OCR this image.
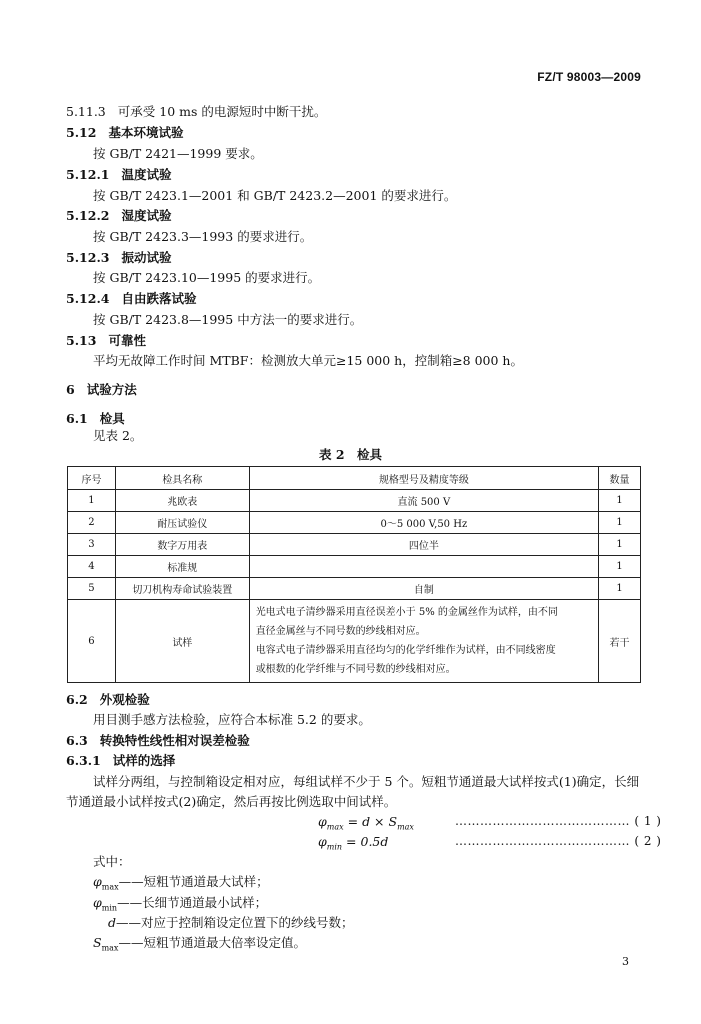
FZ/T 98003—2009
5.11.3 可承受 10 ms 的电源短时中断干扰。
5.12 基本环境试验
按 GB/T 2421—1999 要求。
5.12.1 温度试验
按 GB/T 2423.1—2001 和 GB/T 2423.2—2001 的要求进行。
5.12.2 湿度试验
按 GB/T 2423.3—1993 的要求进行。
5.12.3 振动试验
按 GB/T 2423.10—1995 的要求进行。
5.12.4 自由跌落试验
按 GB/T 2423.8—1995 中方法一的要求进行。
5.13 可靠性
平均无故障工作时间 MTBF：检测放大单元≥15 000 h，控制箱≥8 000 h。
6 试验方法
6.1 检具
见表 2。
表 2　检具
序号	检具名称	规格型号及精度等级	数量
1	兆欧表	直流 500 V	1
2	耐压试验仪	0～5 000 V,50 Hz	1
3	数字万用表	四位半	1
4	标准规		1
5	切刀机构寿命试验装置	自制	1
6	试样	光电式电子清纱器采用直径误差小于 5% 的金属丝作为试样，由不同
直径金属丝与不同号数的纱线相对应。
电容式电子清纱器采用直径均匀的化学纤维作为试样，由不同线密度
或根数的化学纤维与不同号数的纱线相对应。	若干
6.2 外观检验
用目测手感方法检验，应符合本标准 5.2 的要求。
6.3 转换特性线性相对误差检验
6.3.1 试样的选择
试样分两组，与控制箱设定相对应，每组试样不少于 5 个。短粗节通道最大试样按式(1)确定，长细
节通道最小试样按式(2)确定，然后再按比例选取中间试样。
$\varphi_{max} = d \times S_{max}$	…………………………………… ( 1 )
$\varphi_{min} = 0.5d$	…………………………………… ( 2 )
式中：
$\varphi_{max}——$短粗节通道最大试样；
$\varphi_{min}——$长细节通道最小试样；
d——对应于控制箱设定位置下的纱线号数；
$S_{max}——$短粗节通道最大倍率设定值。
3
